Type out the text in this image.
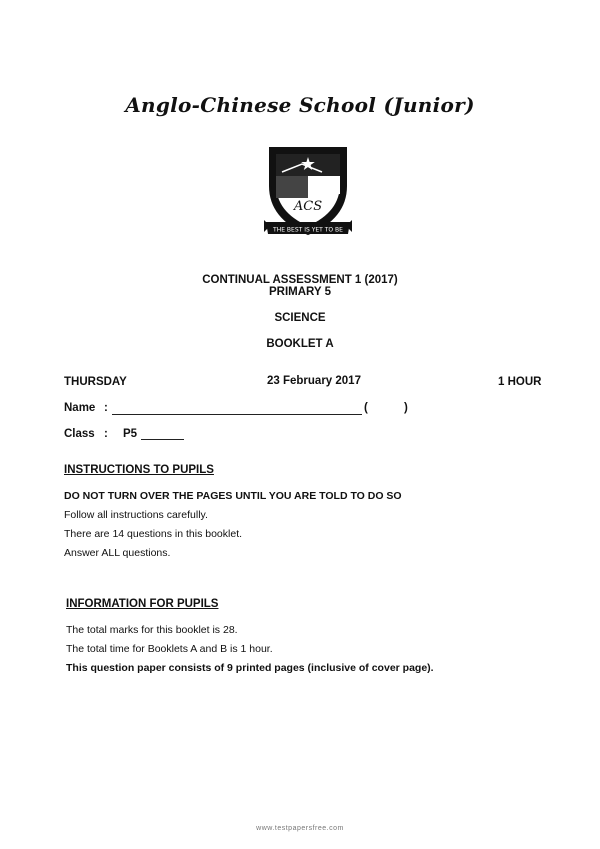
Anglo-Chinese School (Junior)
ACS
THE BEST IS YET TO BE
CONTINUAL ASSESSMENT 1 (2017)
PRIMARY 5
SCIENCE
BOOKLET A
THURSDAY	23 February 2017	1 HOUR
Name :	(	)
Class : P5
INSTRUCTIONS TO PUPILS
DO NOT TURN OVER THE PAGES UNTIL YOU ARE TOLD TO DO SO
Follow all instructions carefully.
There are 14 questions in this booklet.
Answer ALL questions.
INFORMATION FOR PUPILS
The total marks for this booklet is 28.
The total time for Booklets A and B is 1 hour.
This question paper consists of 9 printed pages (inclusive of cover page).
www.testpapersfree.com
